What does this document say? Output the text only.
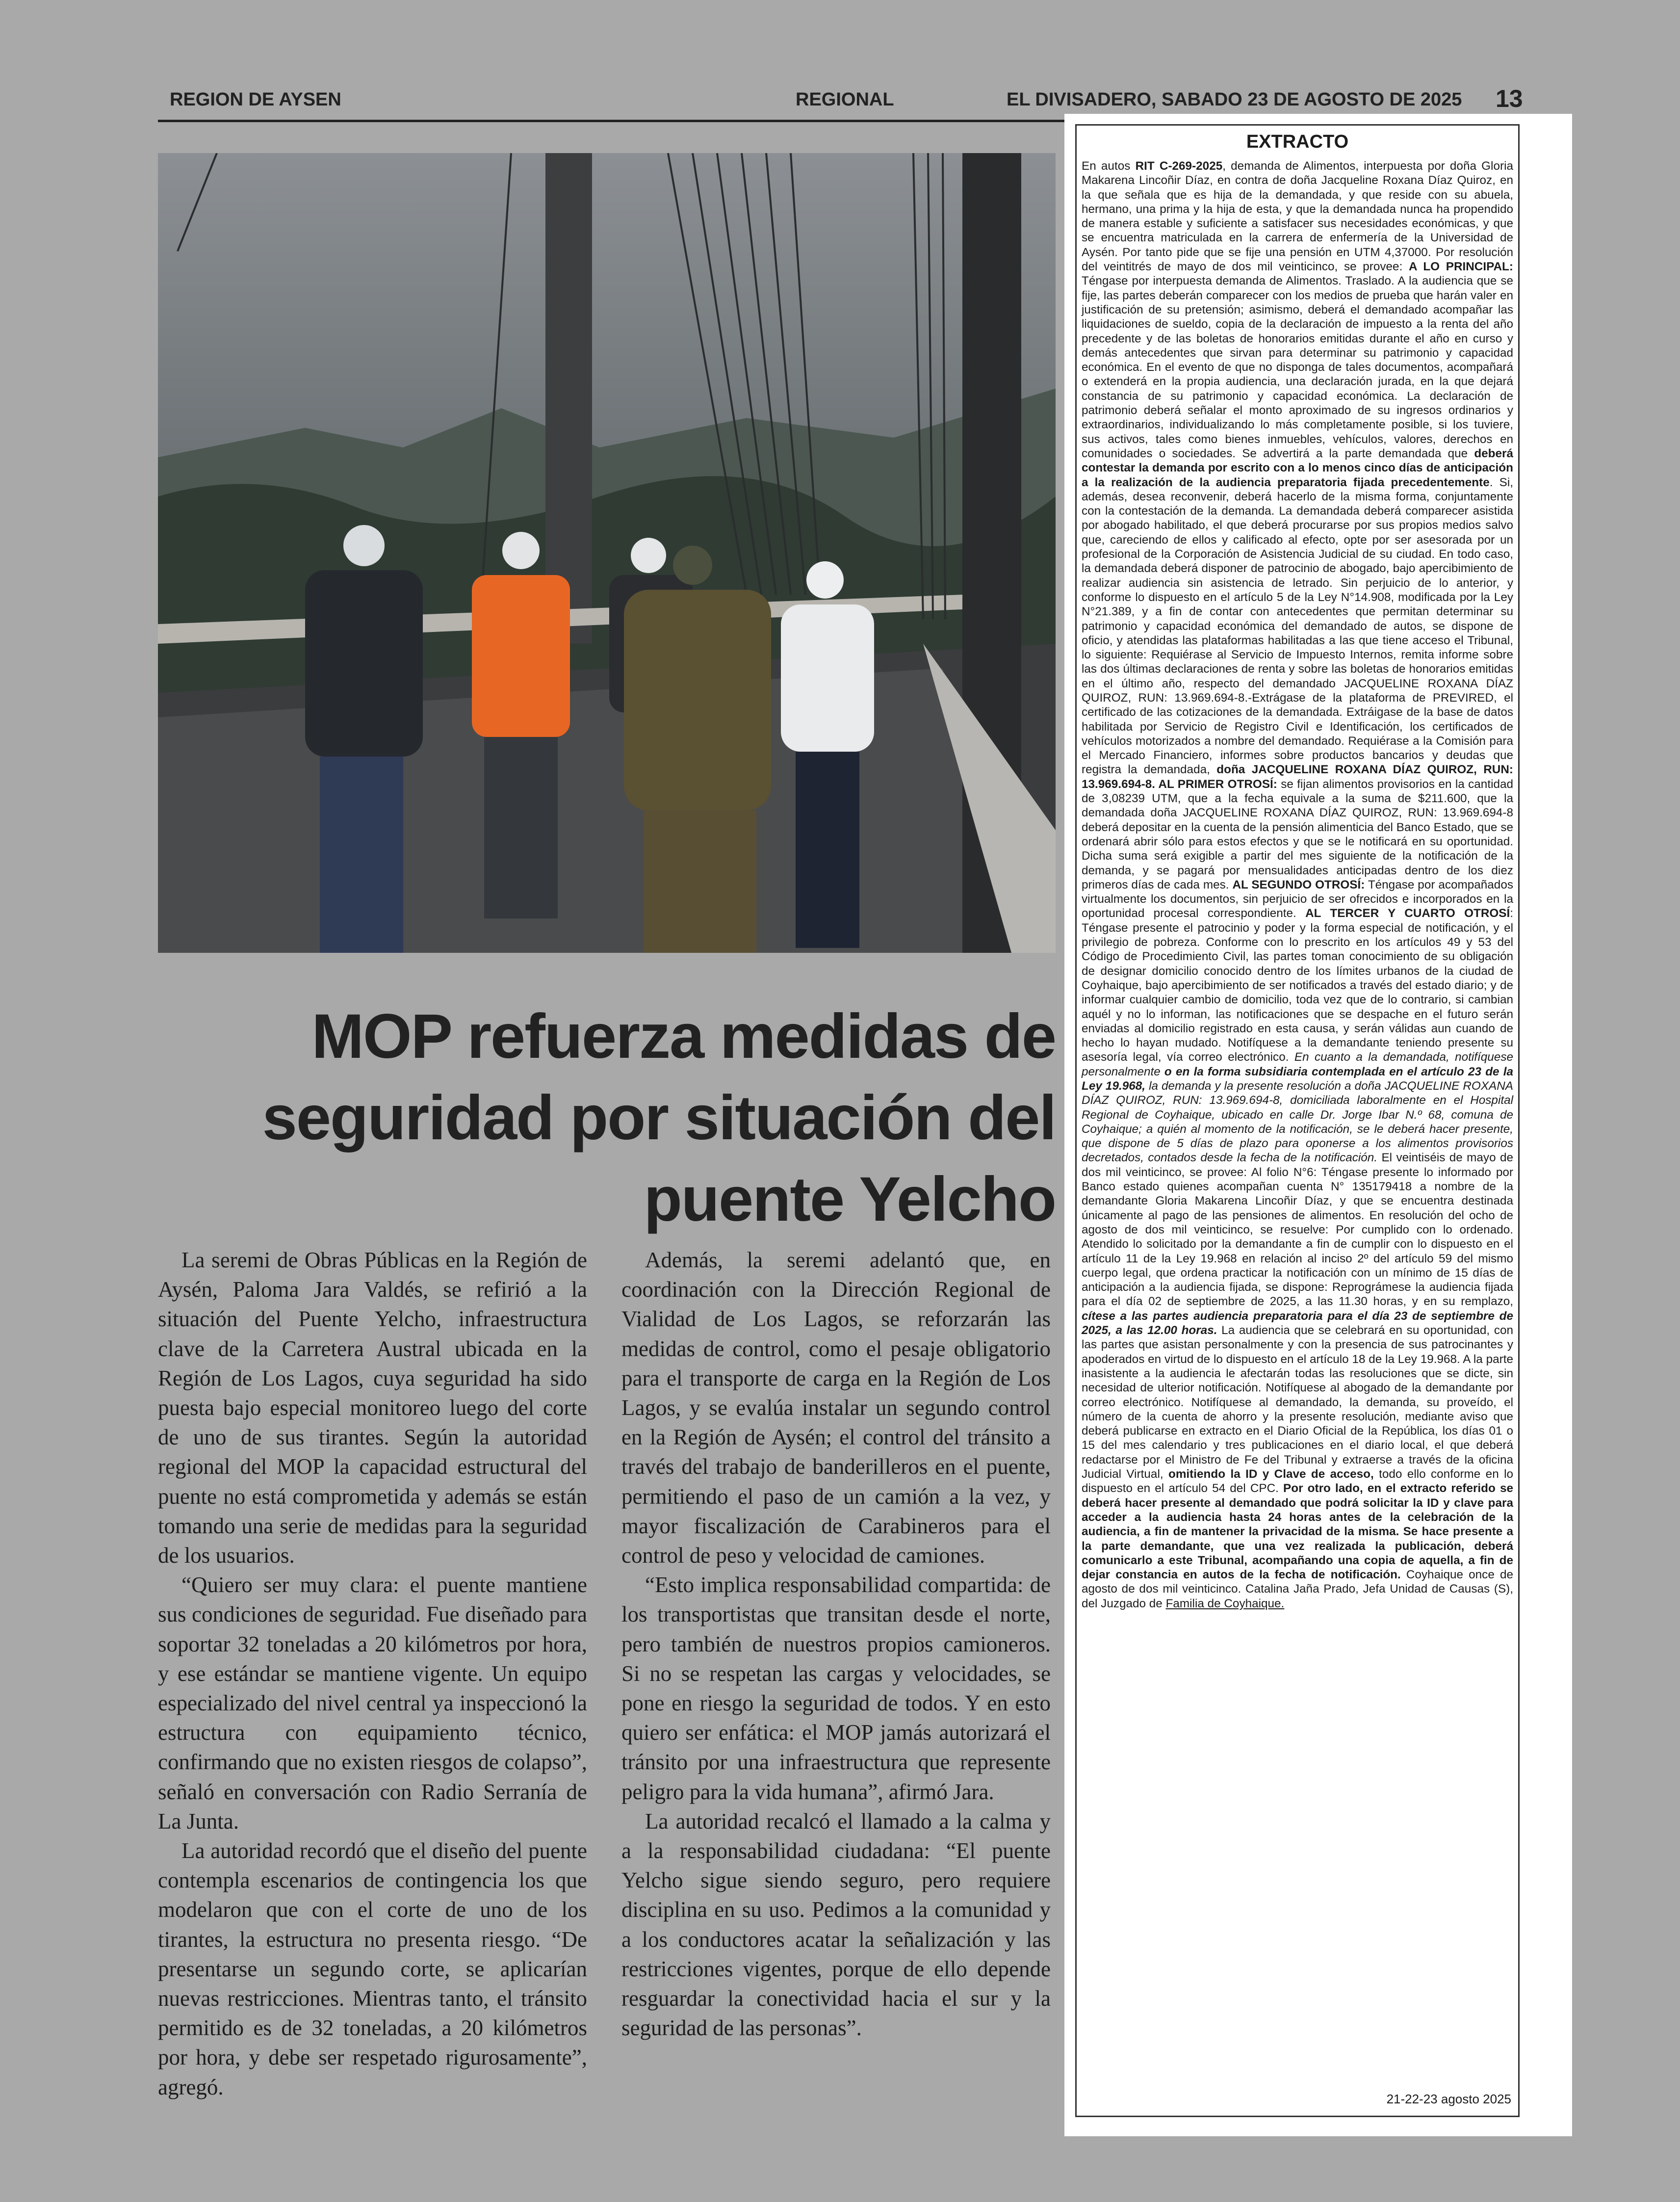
REGION DE AYSEN	REGIONAL	EL DIVISADERO, SABADO 23 DE AGOSTO DE 2025 13
MOP refuerza medidas de seguridad por situación del puente Yelcho

La seremi de Obras Públicas en la Región de Aysén, Paloma Jara Valdés, se refirió a la situación del Puente Yelcho, infraestructura clave de la Carretera Austral ubicada en la Región de Los Lagos, cuya seguridad ha sido puesta bajo especial monitoreo luego del corte de uno de sus tirantes. Según la autoridad regional del MOP la capacidad estructural del puente no está comprometida y además se están tomando una serie de medidas para la seguridad de los usuarios.

“Quiero ser muy clara: el puente mantiene sus condiciones de seguridad. Fue diseñado para soportar 32 toneladas a 20 kilómetros por hora, y ese estándar se mantiene vigente. Un equipo especializado del nivel central ya inspeccionó la estructura con equipamiento técnico, confirmando que no existen riesgos de colapso”, señaló en conversación con Radio Serranía de La Junta.

La autoridad recordó que el diseño del puente contempla escenarios de contingencia los que modelaron que con el corte de uno de los tirantes, la estructura no presenta riesgo. “De presentarse un segundo corte, se aplicarían nuevas restricciones. Mientras tanto, el tránsito permitido es de 32 toneladas, a 20 kilómetros por hora, y debe ser respetado rigurosamente”, agregó.

Además, la seremi adelantó que, en coordinación con la Dirección Regional de Vialidad de Los Lagos, se reforzarán las medidas de control, como el pesaje obligatorio para el transporte de carga en la Región de Los Lagos, y se evalúa instalar un segundo control en la Región de Aysén; el control del tránsito a través del trabajo de banderilleros en el puente, permitiendo el paso de un camión a la vez, y mayor fiscalización de Carabineros para el control de peso y velocidad de camiones.

“Esto implica responsabilidad compartida: de los transportistas que transitan desde el norte, pero también de nuestros propios camioneros. Si no se respetan las cargas y velocidades, se pone en riesgo la seguridad de todos. Y en esto quiero ser enfática: el MOP jamás autorizará el tránsito por una infraestructura que represente peligro para la vida humana”, afirmó Jara.

La autoridad recalcó el llamado a la calma y a la responsabilidad ciudadana: “El puente Yelcho sigue siendo seguro, pero requiere disciplina en su uso. Pedimos a la comunidad y a los conductores acatar la señalización y las restricciones vigentes, porque de ello depende resguardar la conectividad hacia el sur y la seguridad de las personas”.

EXTRACTO
En autos RIT C-269-2025, demanda de Alimentos, interpuesta por doña Gloria Makarena Lincoñir Díaz, en contra de doña Jacqueline Roxana Díaz Quiroz, en la que señala que es hija de la demandada, y que reside con su abuela, hermano, una prima y la hija de esta, y que la demandada nunca ha propendido de manera estable y suficiente a satisfacer sus necesidades económicas, y que se encuentra matriculada en la carrera de enfermería de la Universidad de Aysén. Por tanto pide que se fije una pensión en UTM 4,37000. Por resolución del veintitrés de mayo de dos mil veinticinco, se provee: A LO PRINCIPAL: Téngase por interpuesta demanda de Alimentos. Traslado. A la audiencia que se fije, las partes deberán comparecer con los medios de prueba que harán valer en justificación de su pretensión; asimismo, deberá el demandado acompañar las liquidaciones de sueldo, copia de la declaración de impuesto a la renta del año precedente y de las boletas de honorarios emitidas durante el año en curso y demás antecedentes que sirvan para determinar su patrimonio y capacidad económica. En el evento de que no disponga de tales documentos, acompañará o extenderá en la propia audiencia, una declaración jurada, en la que dejará constancia de su patrimonio y capacidad económica. La declaración de patrimonio deberá señalar el monto aproximado de su ingresos ordinarios y extraordinarios, individualizando lo más completamente posible, si los tuviere, sus activos, tales como bienes inmuebles, vehículos, valores, derechos en comunidades o sociedades. Se advertirá a la parte demandada que deberá contestar la demanda por escrito con a lo menos cinco días de anticipación a la realización de la audiencia preparatoria fijada precedentemente. Si, además, desea reconvenir, deberá hacerlo de la misma forma, conjuntamente con la contestación de la demanda. La demandada deberá comparecer asistida por abogado habilitado, el que deberá procurarse por sus propios medios salvo que, careciendo de ellos y calificado al efecto, opte por ser asesorada por un profesional de la Corporación de Asistencia Judicial de su ciudad. En todo caso, la demandada deberá disponer de patrocinio de abogado, bajo apercibimiento de realizar audiencia sin asistencia de letrado. Sin perjuicio de lo anterior, y conforme lo dispuesto en el artículo 5 de la Ley N°14.908, modificada por la Ley N°21.389, y a fin de contar con antecedentes que permitan determinar su patrimonio y capacidad económica del demandado de autos, se dispone de oficio, y atendidas las plataformas habilitadas a las que tiene acceso el Tribunal, lo siguiente: Requiérase al Servicio de Impuesto Internos, remita informe sobre las dos últimas declaraciones de renta y sobre las boletas de honorarios emitidas en el último año, respecto del demandado JACQUELINE ROXANA DÍAZ QUIROZ, RUN: 13.969.694-8.-Extrágase de la plataforma de PREVIRED, el certificado de las cotizaciones de la demandada. Extráigase de la base de datos habilitada por Servicio de Registro Civil e Identificación, los certificados de vehículos motorizados a nombre del demandado. Requiérase a la Comisión para el Mercado Financiero, informes sobre productos bancarios y deudas que registra la demandada, doña JACQUELINE ROXANA DÍAZ QUIROZ, RUN: 13.969.694-8. AL PRIMER OTROSÍ: se fijan alimentos provisorios en la cantidad de 3,08239 UTM, que a la fecha equivale a la suma de $211.600, que la demandada doña JACQUELINE ROXANA DÍAZ QUIROZ, RUN: 13.969.694-8 deberá depositar en la cuenta de la pensión alimenticia del Banco Estado, que se ordenará abrir sólo para estos efectos y que se le notificará en su oportunidad. Dicha suma será exigible a partir del mes siguiente de la notificación de la demanda, y se pagará por mensualidades anticipadas dentro de los diez primeros días de cada mes. AL SEGUNDO OTROSÍ: Téngase por acompañados virtualmente los documentos, sin perjuicio de ser ofrecidos e incorporados en la oportunidad procesal correspondiente. AL TERCER Y CUARTO OTROSÍ: Téngase presente el patrocinio y poder y la forma especial de notificación, y el privilegio de pobreza. Conforme con lo prescrito en los artículos 49 y 53 del Código de Procedimiento Civil, las partes toman conocimiento de su obligación de designar domicilio conocido dentro de los límites urbanos de la ciudad de Coyhaique, bajo apercibimiento de ser notificados a través del estado diario; y de informar cualquier cambio de domicilio, toda vez que de lo contrario, si cambian aquél y no lo informan, las notificaciones que se despache en el futuro serán enviadas al domicilio registrado en esta causa, y serán válidas aun cuando de hecho lo hayan mudado. Notifíquese a la demandante teniendo presente su asesoría legal, vía correo electrónico. En cuanto a la demandada, notifíquese personalmente o en la forma subsidiaria contemplada en el artículo 23 de la Ley 19.968, la demanda y la presente resolución a doña JACQUELINE ROXANA DÍAZ QUIROZ, RUN: 13.969.694-8, domiciliada laboralmente en el Hospital Regional de Coyhaique, ubicado en calle Dr. Jorge Ibar N.º 68, comuna de Coyhaique; a quién al momento de la notificación, se le deberá hacer presente, que dispone de 5 días de plazo para oponerse a los alimentos provisorios decretados, contados desde la fecha de la notificación. El veintiséis de mayo de dos mil veinticinco, se provee: Al folio N°6: Téngase presente lo informado por Banco estado quienes acompañan cuenta N° 135179418 a nombre de la demandante Gloria Makarena Lincoñir Díaz, y que se encuentra destinada únicamente al pago de las pensiones de alimentos. En resolución del ocho de agosto de dos mil veinticinco, se resuelve: Por cumplido con lo ordenado. Atendido lo solicitado por la demandante a fin de cumplir con lo dispuesto en el artículo 11 de la Ley 19.968 en relación al inciso 2º del artículo 59 del mismo cuerpo legal, que ordena practicar la notificación con un mínimo de 15 días de anticipación a la audiencia fijada, se dispone: Reprográmese la audiencia fijada para el día 02 de septiembre de 2025, a las 11.30 horas, y en su remplazo, cítese a las partes audiencia preparatoria para el día 23 de septiembre de 2025, a las 12.00 horas. La audiencia que se celebrará en su oportunidad, con las partes que asistan personalmente y con la presencia de sus patrocinantes y apoderados en virtud de lo dispuesto en el artículo 18 de la Ley 19.968. A la parte inasistente a la audiencia le afectarán todas las resoluciones que se dicte, sin necesidad de ulterior notificación. Notifíquese al abogado de la demandante por correo electrónico. Notifíquese al demandado, la demanda, su proveído, el número de la cuenta de ahorro y la presente resolución, mediante aviso que deberá publicarse en extracto en el Diario Oficial de la República, los días 01 o 15 del mes calendario y tres publicaciones en el diario local, el que deberá redactarse por el Ministro de Fe del Tribunal y extraerse a través de la oficina Judicial Virtual, omitiendo la ID y Clave de acceso, todo ello conforme en lo dispuesto en el artículo 54 del CPC. Por otro lado, en el extracto referido se deberá hacer presente al demandado que podrá solicitar la ID y clave para acceder a la audiencia hasta 24 horas antes de la celebración de la audiencia, a fin de mantener la privacidad de la misma. Se hace presente a la parte demandante, que una vez realizada la publicación, deberá comunicarlo a este Tribunal, acompañando una copia de aquella, a fin de dejar constancia en autos de la fecha de notificación. Coyhaique once de agosto de dos mil veinticinco. Catalina Jaña Prado, Jefa Unidad de Causas (S), del Juzgado de Familia de Coyhaique.
21-22-23 agosto 2025
